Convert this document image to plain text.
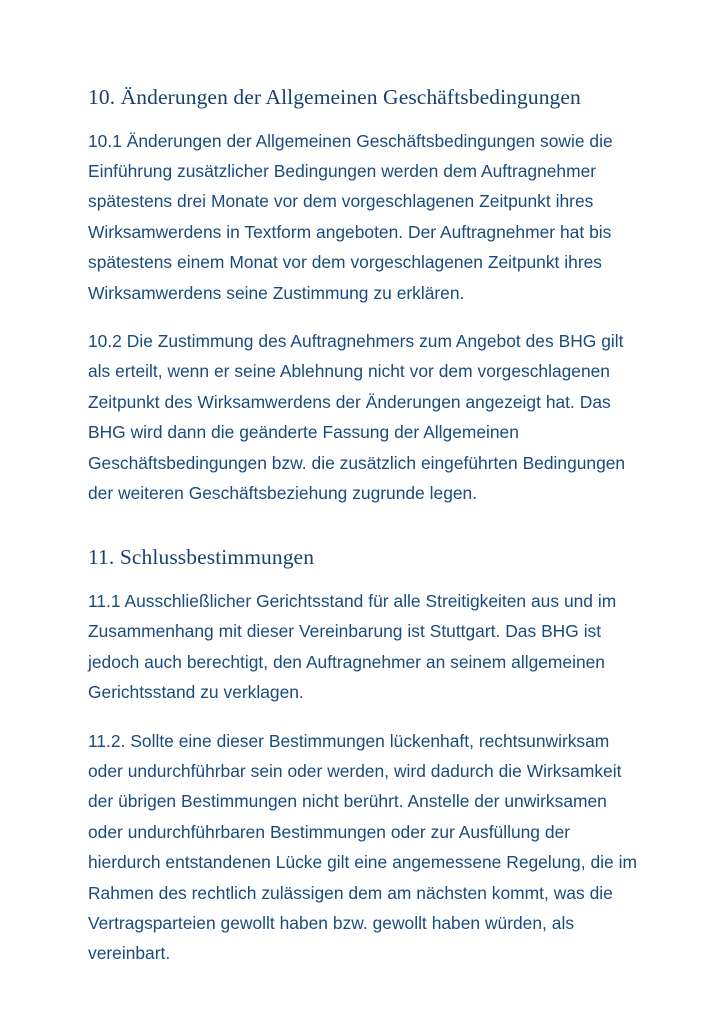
10. Änderungen der Allgemeinen Geschäftsbedingungen

10.1 Änderungen der Allgemeinen Geschäftsbedingungen sowie die Einführung zusätzlicher Bedingungen werden dem Auftragnehmer spätestens drei Monate vor dem vorgeschlagenen Zeitpunkt ihres Wirksamwerdens in Textform angeboten. Der Auftragnehmer hat bis spätestens einem Monat vor dem vorgeschlagenen Zeitpunkt ihres Wirksamwerdens seine Zustimmung zu erklären.

10.2 Die Zustimmung des Auftragnehmers zum Angebot des BHG gilt als erteilt, wenn er seine Ablehnung nicht vor dem vorgeschlagenen Zeitpunkt des Wirksamwerdens der Änderungen angezeigt hat. Das BHG wird dann die geänderte Fassung der Allgemeinen Geschäftsbedingungen bzw. die zusätzlich eingeführten Bedingungen der weiteren Geschäftsbeziehung zugrunde legen.

11. Schlussbestimmungen

11.1 Ausschließlicher Gerichtsstand für alle Streitigkeiten aus und im Zusammenhang mit dieser Vereinbarung ist Stuttgart. Das BHG ist jedoch auch berechtigt, den Auftragnehmer an seinem allgemeinen Gerichtsstand zu verklagen.

11.2. Sollte eine dieser Bestimmungen lückenhaft, rechtsunwirksam oder undurchführbar sein oder werden, wird dadurch die Wirksamkeit der übrigen Bestimmungen nicht berührt. Anstelle der unwirksamen oder undurchführbaren Bestimmungen oder zur Ausfüllung der hierdurch entstandenen Lücke gilt eine angemessene Regelung, die im Rahmen des rechtlich zulässigen dem am nächsten kommt, was die Vertragsparteien gewollt haben bzw. gewollt haben würden, als vereinbart.
